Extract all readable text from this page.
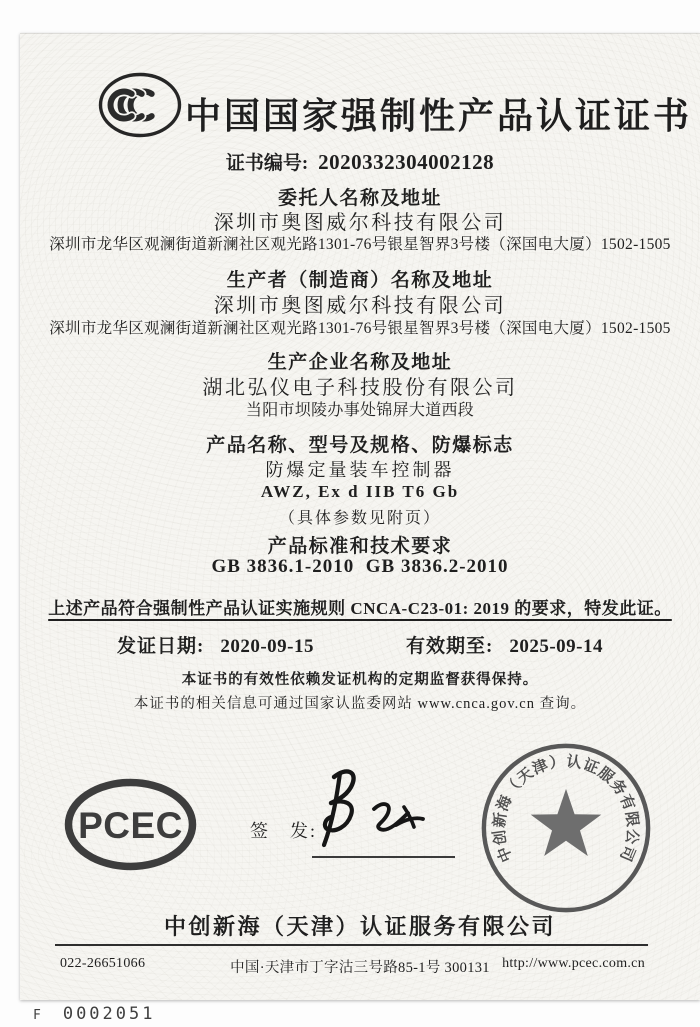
中国国家强制性产品认证证书
证书编号: 2020332304002128
委托人名称及地址
深圳市奥图威尔科技有限公司
深圳市龙华区观澜街道新澜社区观光路1301-76号银星智界3号楼（深国电大厦）1502-1505
生产者（制造商）名称及地址
深圳市奥图威尔科技有限公司
深圳市龙华区观澜街道新澜社区观光路1301-76号银星智界3号楼（深国电大厦）1502-1505
生产企业名称及地址
湖北弘仪电子科技股份有限公司
当阳市坝陵办事处锦屏大道西段
产品名称、型号及规格、防爆标志
防爆定量装车控制器
AWZ, Ex d IIB T6 Gb
（具体参数见附页）
产品标准和技术要求
GB 3836.1-2010  GB 3836.2-2010
上述产品符合强制性产品认证实施规则 CNCA-C23-01: 2019 的要求，特发此证。
发证日期: 2020-09-15	有效期至: 2025-09-14
本证书的有效性依赖发证机构的定期监督获得保持。
本证书的相关信息可通过国家认监委网站 www.cnca.gov.cn 查询。
PCEC	签　发:
中创新海（天津）认证服务有限公司
中创新海（天津）认证服务有限公司
022-26651066	中国·天津市丁字沽三号路85-1号 300131 http://www.pcec.com.cn
F 0002051
